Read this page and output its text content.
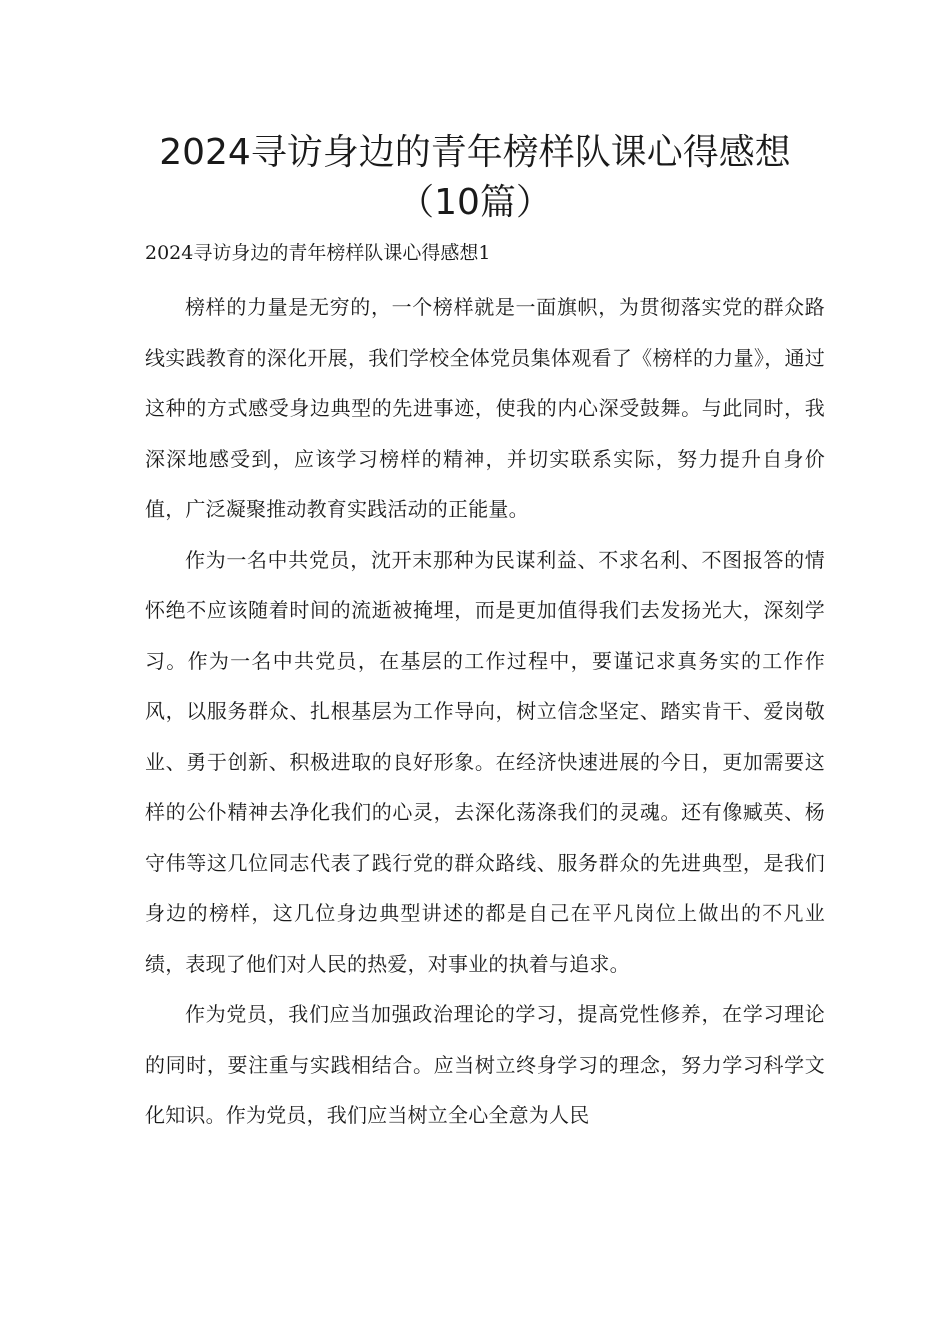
2024寻访身边的青年榜样队课心得感想
（10篇）

2024寻访身边的青年榜样队课心得感想1

榜样的力量是无穷的，一个榜样就是一面旗帜，为贯彻落实党的群众路线实践教育的深化开展，我们学校全体党员集体观看了《榜样的力量》，通过这种的方式感受身边典型的先进事迹，使我的内心深受鼓舞。与此同时，我深深地感受到，应该学习榜样的精神，并切实联系实际，努力提升自身价值，广泛凝聚推动教育实践活动的正能量。

作为一名中共党员，沈开末那种为民谋利益、不求名利、不图报答的情怀绝不应该随着时间的流逝被掩埋，而是更加值得我们去发扬光大，深刻学习。作为一名中共党员，在基层的工作过程中，要谨记求真务实的工作作风，以服务群众、扎根基层为工作导向，树立信念坚定、踏实肯干、爱岗敬业、勇于创新、积极进取的良好形象。在经济快速进展的今日，更加需要这样的公仆精神去净化我们的心灵，去深化荡涤我们的灵魂。还有像臧英、杨守伟等这几位同志代表了践行党的群众路线、服务群众的先进典型，是我们身边的榜样，这几位身边典型讲述的都是自己在平凡岗位上做出的不凡业绩，表现了他们对人民的热爱，对事业的执着与追求。

作为党员，我们应当加强政治理论的学习，提高党性修养，在学习理论的同时，要注重与实践相结合。应当树立终身学习的理念，努力学习科学文化知识。作为党员，我们应当树立全心全意为人民
